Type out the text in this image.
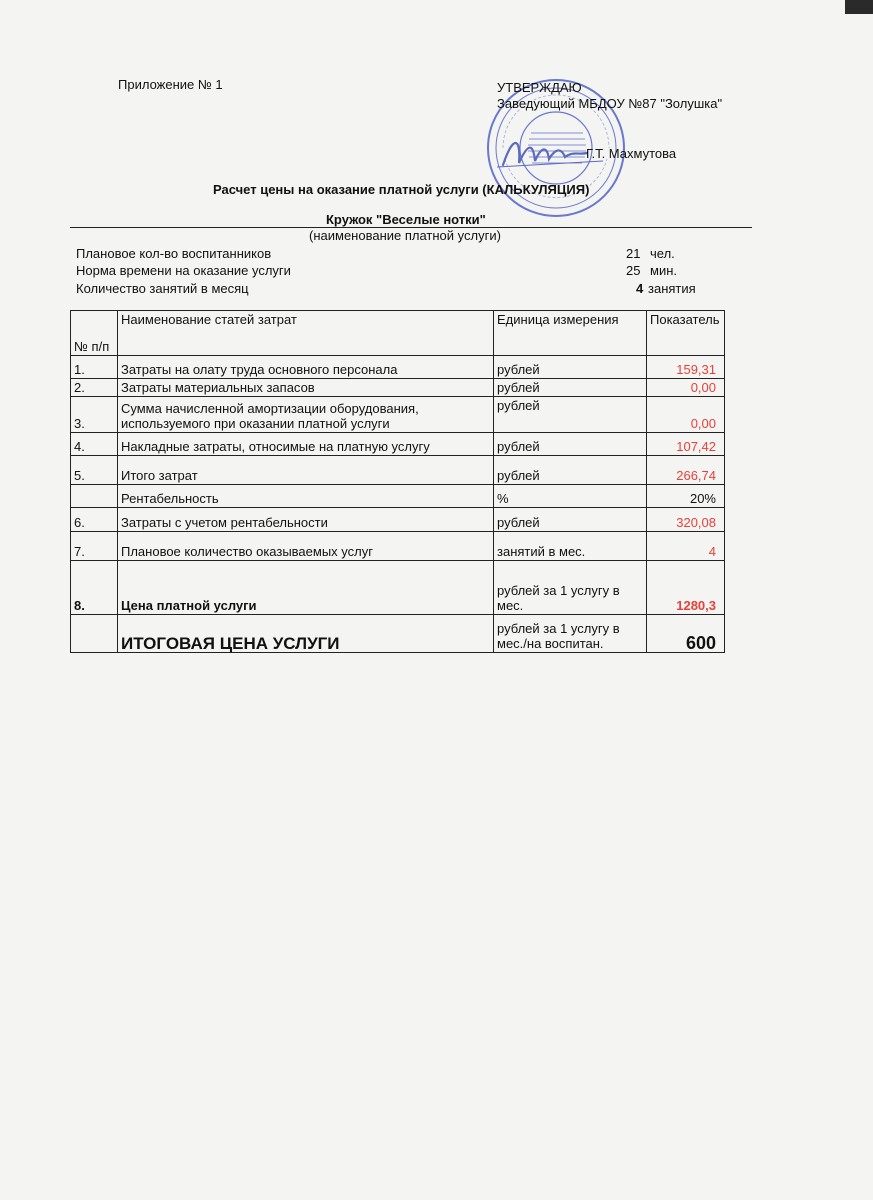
Приложение № 1	УТВЕРЖДАЮ
Заведующий МБДОУ №87 "Золушка"
Г.Т. Махмутова
Расчет цены на оказание платной услуги (КАЛЬКУЛЯЦИЯ)
Кружок "Веселые нотки"
(наименование платной услуги)
Плановое кол-во воспитанников	21 чел.
Норма времени на оказание услуги	25 мин.
Количество занятий в месяц	4 занятия
№ п/п	Наименование статей затрат	Единица измерения	Показатель
1.	Затраты на олату труда основного персонала	рублей	159,31
2.	Затраты материальных запасов	рублей	0,00
3.	Сумма начисленной амортизации оборудования,
используемого при оказании платной услуги	рублей	0,00
4.	Накладные затраты, относимые на платную услугу	рублей	107,42
5.	Итого затрат	рублей	266,74
	Рентабельность	%	20%
6.	Затраты с учетом рентабельности	рублей	320,08
7.	Плановое количество оказываемых услуг	занятий в мес.	4
8.	Цена платной услуги	рублей за 1 услугу в
мес.	1280,3
	ИТОГОВАЯ ЦЕНА УСЛУГИ	рублей за 1 услугу в
мес./на воспитан.	600
